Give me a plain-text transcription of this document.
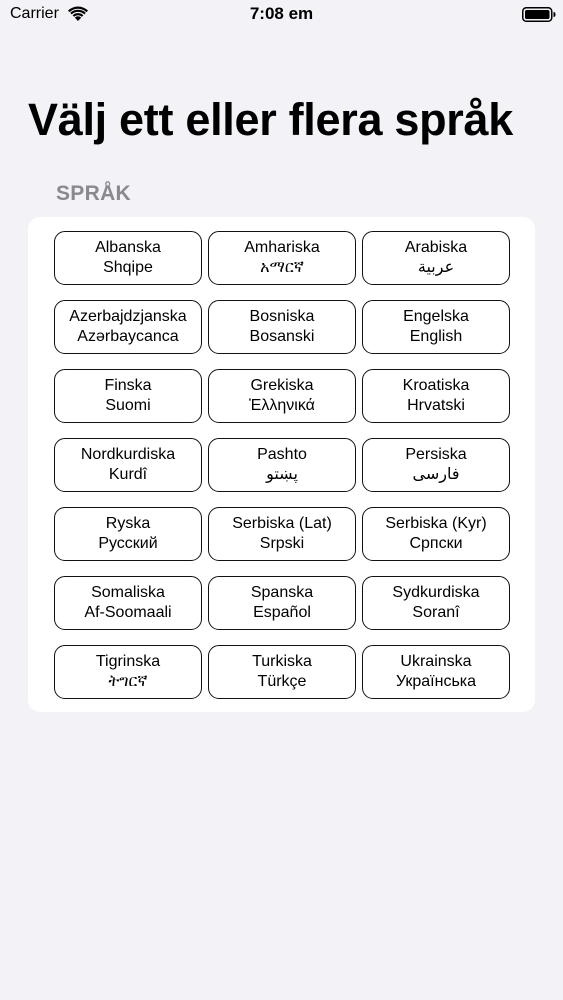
Carrier	7:08 em
Välj ett eller flera språk
SPRÅK
Albanska
Shqipe
Amhariska
አማርኛ
Arabiska
عربية
Azerbajdzjanska
Azərbaycanca
Bosniska
Bosanski
Engelska
English
Finska
Suomi
Grekiska
Ἑλληνικά
Kroatiska
Hrvatski
Nordkurdiska
Kurdî
Pashto
پښتو
Persiska
فارسی
Ryska
Русский
Serbiska (Lat)
Srpski
Serbiska (Kyr)
Српски
Somaliska
Af-Soomaali
Spanska
Español
Sydkurdiska
Soranî
Tigrinska
ትግርኛ
Turkiska
Türkçe
Ukrainska
Українська
